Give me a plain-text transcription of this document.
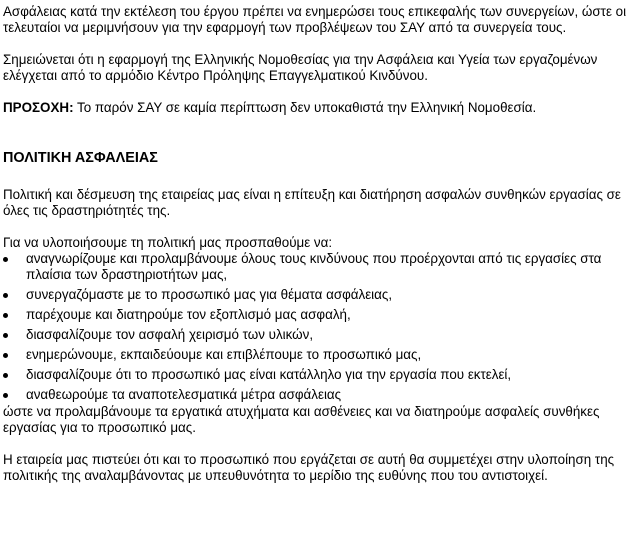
Ασφάλειας κατά την εκτέλεση του έργου πρέπει να ενημερώσει τους επικεφαλής των συνεργείων, ώστε οι τελευταίοι να μεριμνήσουν για την εφαρμογή των προβλέψεων του ΣΑΥ από τα συνεργεία τους.

Σημειώνεται ότι η εφαρμογή της Ελληνικής Νομοθεσίας για την Ασφάλεια και Υγεία των εργαζομένων ελέγχεται από το αρμόδιο Κέντρο Πρόληψης Επαγγελματικού Κινδύνου.

ΠΡΟΣΟΧΗ: Το παρόν ΣΑΥ σε καμία περίπτωση δεν υποκαθιστά την Ελληνική Νομοθεσία.

ΠΟΛΙΤΙΚΗ ΑΣΦΑΛΕΙΑΣ

Πολιτική και δέσμευση της εταιρείας μας είναι η επίτευξη και διατήρηση ασφαλών συνθηκών εργασίας σε όλες τις δραστηριότητές της.

Για να υλοποιήσουμε τη πολιτική μας προσπαθούμε να:

αναγνωρίζουμε και προλαμβάνουμε όλους τους κινδύνους που προέρχονται από τις εργασίες στα πλαίσια των δραστηριοτήτων μας,
συνεργαζόμαστε με το προσωπικό μας για θέματα ασφάλειας,
παρέχουμε και διατηρούμε τον εξοπλισμό μας ασφαλή,
διασφαλίζουμε τον ασφαλή χειρισμό των υλικών,
ενημερώνουμε, εκπαιδεύουμε και επιβλέπουμε το προσωπικό μας,
διασφαλίζουμε ότι το προσωπικό μας είναι κατάλληλο για την εργασία που εκτελεί,
αναθεωρούμε τα αναποτελεσματικά μέτρα ασφάλειας

ώστε να προλαμβάνουμε τα εργατικά ατυχήματα και ασθένειες και να διατηρούμε ασφαλείς συνθήκες εργασίας για το προσωπικό μας.

Η εταιρεία μας πιστεύει ότι και το προσωπικό που εργάζεται σε αυτή θα συμμετέχει στην υλοποίηση της πολιτικής της αναλαμβάνοντας με υπευθυνότητα το μερίδιο της ευθύνης που του αντιστοιχεί.
